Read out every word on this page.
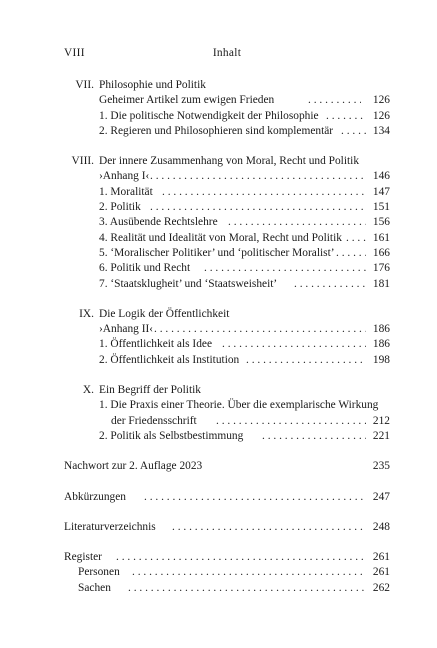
VIII	Inhalt
VII. Philosophie und Politik
Geheimer Artikel zum ewigen Frieden . . .	126
1. Die politische Notwendigkeit der Philosophie . . .	126
2. Regieren und Philosophieren sind komplementär . . .	134
VIII. Der innere Zusammenhang von Moral, Recht und Politik
›Anhang I‹ . . .	146
1. Moralität . . .	147
2. Politik . . .	151
3. Ausübende Rechtslehre . . .	156
4. Realität und Idealität von Moral, Recht und Politik . . .	161
5. ‘Moralischer Politiker’ und ‘politischer Moralist’ . . .	166
6. Politik und Recht . . .	176
7. ‘Staatsklugheit’ und ‘Staatsweisheit’ . . .	181
IX. Die Logik der Öffentlichkeit
›Anhang II‹ . . .	186
1. Öffentlichkeit als Idee . . .	186
2. Öffentlichkeit als Institution . . .	198
X. Ein Begriff der Politik
1. Die Praxis einer Theorie. Über die exemplarische Wirkung
der Friedensschrift . . .	212
2. Politik als Selbstbestimmung . . .	221
Nachwort zur 2. Auflage 2023	235
Abkürzungen . . .	247
Literaturverzeichnis . . .	248
Register . . .	261
Personen . . .	261
Sachen . . .	262
